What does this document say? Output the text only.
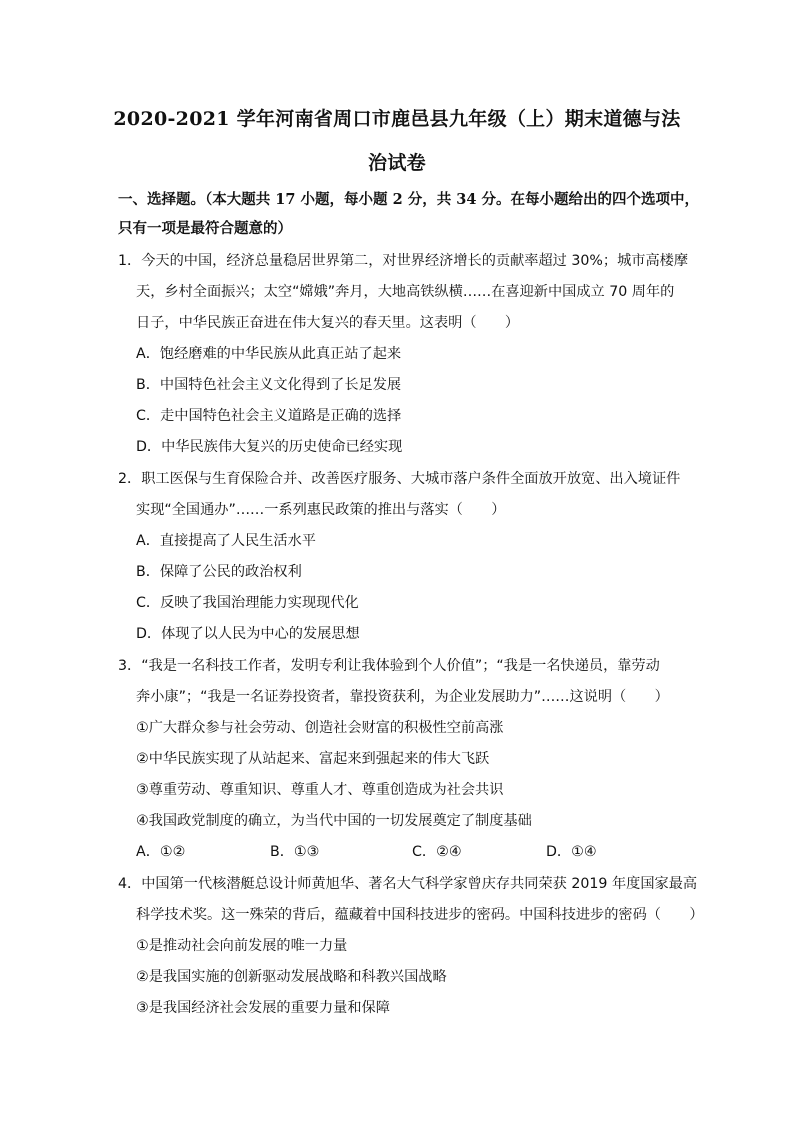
2020-2021 学年河南省周口市鹿邑县九年级（上）期末道德与法
治试卷
一、选择题。（本大题共 17 小题，每小题 2 分，共 34 分。在每小题给出的四个选项中，
只有一项是最符合题意的）
1．今天的中国，经济总量稳居世界第二，对世界经济增长的贡献率超过 30%；城市高楼摩
天，乡村全面振兴；太空“嫦娥”奔月，大地高铁纵横……在喜迎新中国成立 70 周年的
日子，中华民族正奋进在伟大复兴的春天里。这表明（　　）
A．饱经磨难的中华民族从此真正站了起来
B．中国特色社会主义文化得到了长足发展
C．走中国特色社会主义道路是正确的选择
D．中华民族伟大复兴的历史使命已经实现
2．职工医保与生育保险合并、改善医疗服务、大城市落户条件全面放开放宽、出入境证件
实现“全国通办”……一系列惠民政策的推出与落实（　　）
A．直接提高了人民生活水平
B．保障了公民的政治权利
C．反映了我国治理能力实现现代化
D．体现了以人民为中心的发展思想
3．“我是一名科技工作者，发明专利让我体验到个人价值”；“我是一名快递员，靠劳动
奔小康”；“我是一名证券投资者，靠投资获利，为企业发展助力”……这说明（　　）
①广大群众参与社会劳动、创造社会财富的积极性空前高涨
②中华民族实现了从站起来、富起来到强起来的伟大飞跃
③尊重劳动、尊重知识、尊重人才、尊重创造成为社会共识
④我国政党制度的确立，为当代中国的一切发展奠定了制度基础
A．①②	B．①③	C．②④	D．①④
4．中国第一代核潜艇总设计师黄旭华、著名大气科学家曾庆存共同荣获 2019 年度国家最高
科学技术奖。这一殊荣的背后，蕴藏着中国科技进步的密码。中国科技进步的密码（　　）
①是推动社会向前发展的唯一力量
②是我国实施的创新驱动发展战略和科教兴国战略
③是我国经济社会发展的重要力量和保障
